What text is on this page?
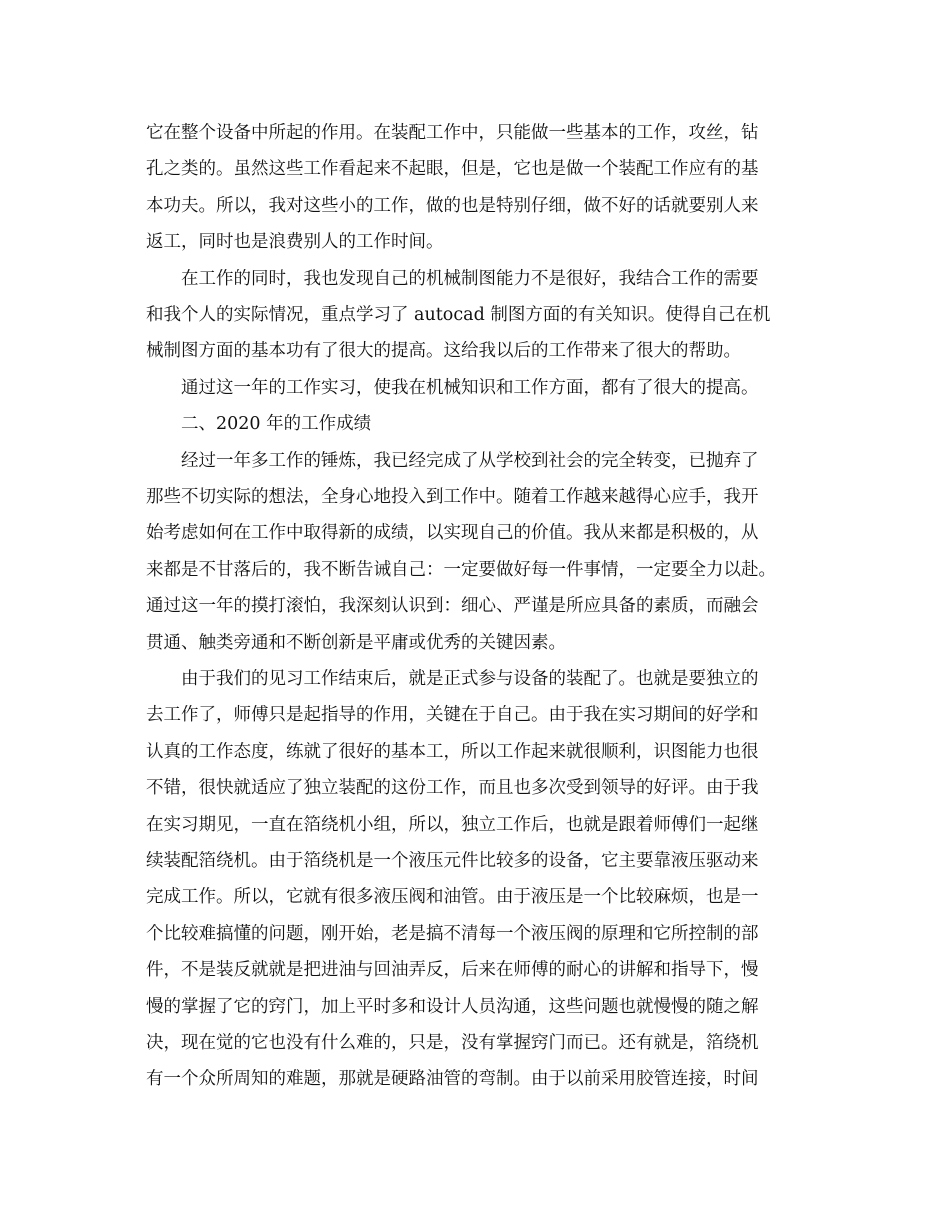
它在整个设备中所起的作用。在装配工作中，只能做一些基本的工作，攻丝，钻
孔之类的。虽然这些工作看起来不起眼，但是，它也是做一个装配工作应有的基
本功夫。所以，我对这些小的工作，做的也是特别仔细，做不好的话就要别人来
返工，同时也是浪费别人的工作时间。
在工作的同时，我也发现自己的机械制图能力不是很好，我结合工作的需要
和我个人的实际情况，重点学习了 autocad 制图方面的有关知识。使得自己在机
械制图方面的基本功有了很大的提高。这给我以后的工作带来了很大的帮助。
通过这一年的工作实习，使我在机械知识和工作方面，都有了很大的提高。
二、2020 年的工作成绩
经过一年多工作的锤炼，我已经完成了从学校到社会的完全转变，已抛弃了
那些不切实际的想法，全身心地投入到工作中。随着工作越来越得心应手，我开
始考虑如何在工作中取得新的成绩，以实现自己的价值。我从来都是积极的，从
来都是不甘落后的，我不断告诫自己：一定要做好每一件事情，一定要全力以赴。
通过这一年的摸打滚怕，我深刻认识到：细心、严谨是所应具备的素质，而融会
贯通、触类旁通和不断创新是平庸或优秀的关键因素。
由于我们的见习工作结束后，就是正式参与设备的装配了。也就是要独立的
去工作了，师傅只是起指导的作用，关键在于自己。由于我在实习期间的好学和
认真的工作态度，练就了很好的基本工，所以工作起来就很顺利，识图能力也很
不错，很快就适应了独立装配的这份工作，而且也多次受到领导的好评。由于我
在实习期见，一直在箔绕机小组，所以，独立工作后，也就是跟着师傅们一起继
续装配箔绕机。由于箔绕机是一个液压元件比较多的设备，它主要靠液压驱动来
完成工作。所以，它就有很多液压阀和油管。由于液压是一个比较麻烦，也是一
个比较难搞懂的问题，刚开始，老是搞不清每一个液压阀的原理和它所控制的部
件，不是装反就就是把进油与回油弄反，后来在师傅的耐心的讲解和指导下，慢
慢的掌握了它的窍门，加上平时多和设计人员沟通，这些问题也就慢慢的随之解
决，现在觉的它也没有什么难的，只是，没有掌握窍门而已。还有就是，箔绕机
有一个众所周知的难题，那就是硬路油管的弯制。由于以前采用胶管连接，时间
